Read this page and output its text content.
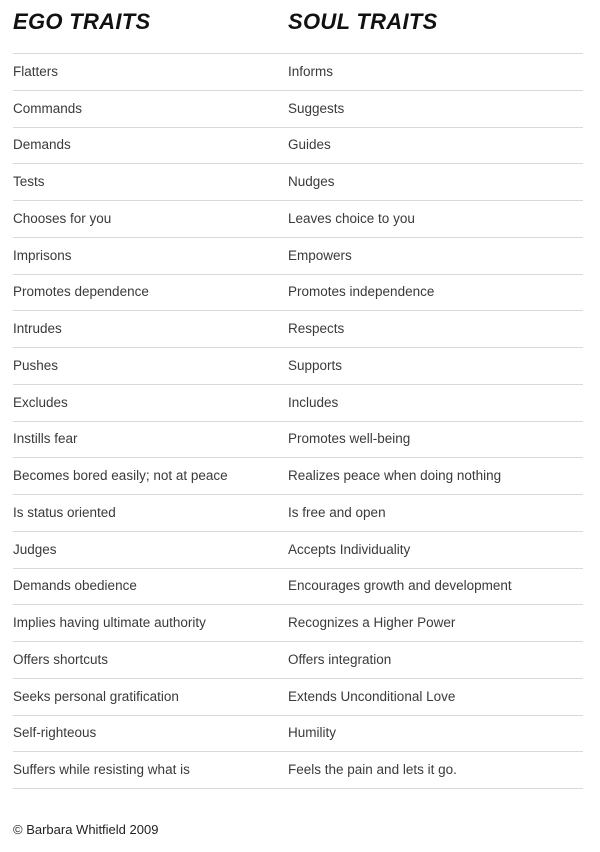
EGO TRAITS	SOUL TRAITS
Flatters	Informs
Commands	Suggests
Demands	Guides
Tests	Nudges
Chooses for you	Leaves choice to you
Imprisons	Empowers
Promotes dependence	Promotes independence
Intrudes	Respects
Pushes	Supports
Excludes	Includes
Instills fear	Promotes well-being
Becomes bored easily; not at peace	Realizes peace when doing nothing
Is status oriented	Is free and open
Judges	Accepts Individuality
Demands obedience	Encourages growth and development
Implies having ultimate authority	Recognizes a Higher Power
Offers shortcuts	Offers integration
Seeks personal gratification	Extends Unconditional Love
Self-righteous	Humility
Suffers while resisting what is	Feels the pain and lets it go.
© Barbara Whitfield 2009
